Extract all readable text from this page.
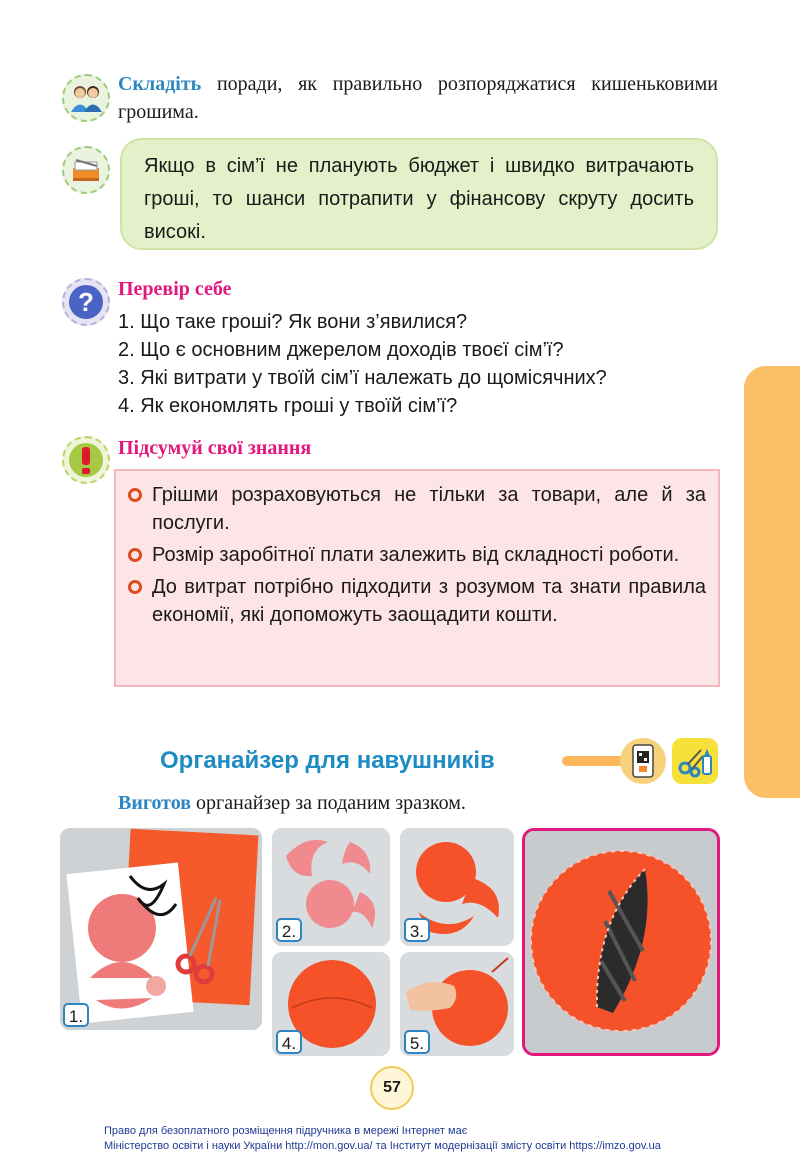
Складіть поради, як правильно розпоряджатися кишеньковими грошима.
Якщо в сім’ї не планують бюджет і швидко витрачають гроші, то шанси потрапити у фінансову скруту досить високі.
?	Перевір себе
1. Що таке гроші? Як вони з’явилися?
2. Що є основним джерелом доходів твоєї сім’ї?
3. Які витрати у твоїй сім’ї належать до щомісячних?
4. Як економлять гроші у твоїй сім’ї?
Підсумуй свої знання
Грішми розраховуються не тільки за товари, але й за послуги.
Розмір заробітної плати залежить від складності роботи.
До витрат потрібно підходити з розумом та знати правила економії, які допоможуть заощадити кошти.
Органайзер для навушників
Виготов органайзер за поданим зразком.
1.
2.	3.
4.	5.
57
Право для безоплатного розміщення підручника в мережі Інтернет має
Міністерство освіти і науки України http://mon.gov.ua/ та Інститут модернізації змісту освіти https://imzo.gov.ua
